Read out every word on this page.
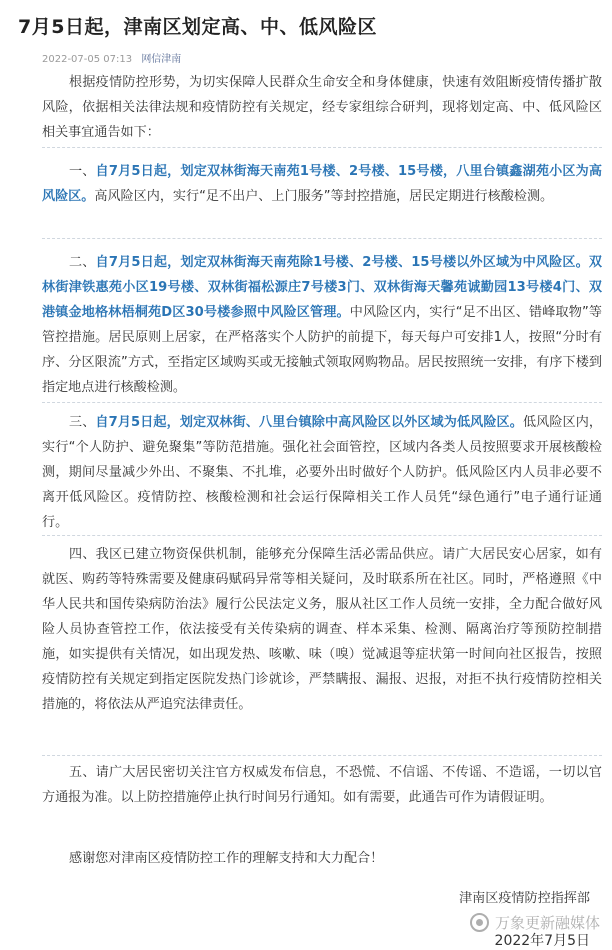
7月5日起，津南区划定高、中、低风险区
2022-07-05 07:13 网信津南

根据疫情防控形势，为切实保障人民群众生命安全和身体健康，快速有效阻断疫情传播扩散风险，依据相关法律法规和疫情防控有关规定，经专家组综合研判，现将划定高、中、低风险区相关事宜通告如下：

一、自7月5日起，划定双林街海天南苑1号楼、2号楼、15号楼，八里台镇鑫湖苑小区为高风险区。高风险区内，实行“足不出户、上门服务”等封控措施，居民定期进行核酸检测。

二、自7月5日起，划定双林街海天南苑除1号楼、2号楼、15号楼以外区域为中风险区。双林街津铁惠苑小区19号楼、双林街福松源庄7号楼3门、双林街海天馨苑诚勤园13号楼4门、双港镇金地格林梧桐苑D区30号楼参照中风险区管理。中风险区内，实行“足不出区、错峰取物”等管控措施。居民原则上居家，在严格落实个人防护的前提下，每天每户可安排1人，按照“分时有序、分区限流”方式，至指定区域购买或无接触式领取网购物品。居民按照统一安排，有序下楼到指定地点进行核酸检测。

三、自7月5日起，划定双林街、八里台镇除中高风险区以外区域为低风险区。低风险区内，实行“个人防护、避免聚集”等防范措施。强化社会面管控，区域内各类人员按照要求开展核酸检测，期间尽量减少外出、不聚集、不扎堆，必要外出时做好个人防护。低风险区内人员非必要不离开低风险区。疫情防控、核酸检测和社会运行保障相关工作人员凭“绿色通行”电子通行证通行。

四、我区已建立物资保供机制，能够充分保障生活必需品供应。请广大居民安心居家，如有就医、购药等特殊需要及健康码赋码异常等相关疑问，及时联系所在社区。同时，严格遵照《中华人民共和国传染病防治法》履行公民法定义务，服从社区工作人员统一安排，全力配合做好风险人员协查管控工作，依法接受有关传染病的调查、样本采集、检测、隔离治疗等预防控制措施，如实提供有关情况，如出现发热、咳嗽、味（嗅）觉减退等症状第一时间向社区报告，按照疫情防控有关规定到指定医院发热门诊就诊，严禁瞒报、漏报、迟报，对拒不执行疫情防控相关措施的，将依法从严追究法律责任。

五、请广大居民密切关注官方权威发布信息，不恐慌、不信谣、不传谣、不造谣，一切以官方通报为准。以上防控措施停止执行时间另行通知。如有需要，此通告可作为请假证明。

感谢您对津南区疫情防控工作的理解支持和大力配合！

津南区疫情防控指挥部

万象更新融媒体

2022年7月5日
